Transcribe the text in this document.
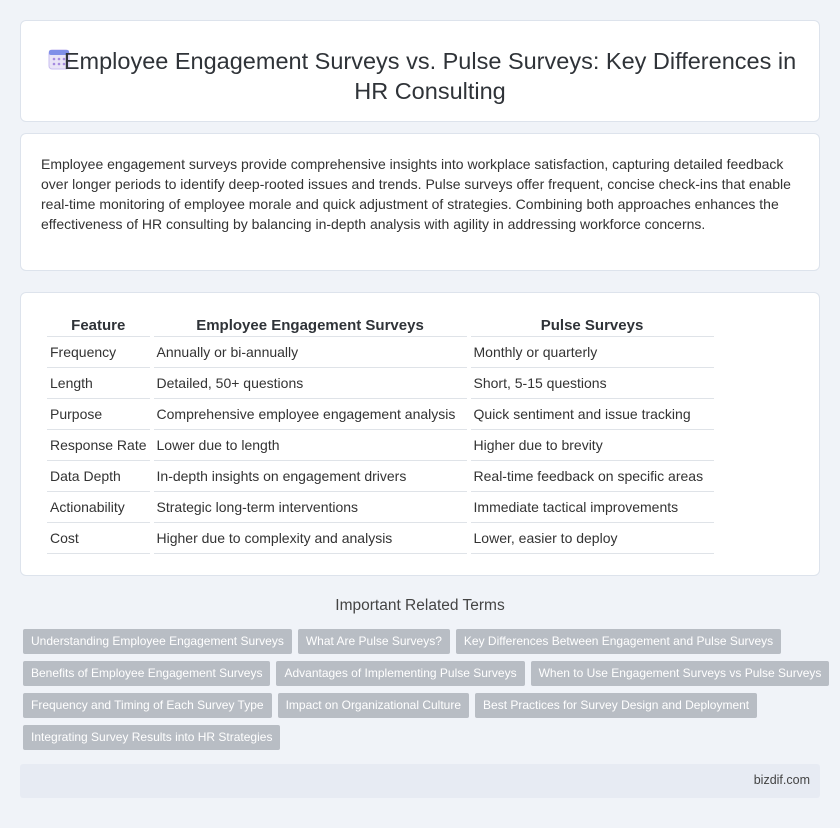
Employee Engagement Surveys vs. Pulse Surveys: Key Differences in HR Consulting

Employee engagement surveys provide comprehensive insights into workplace satisfaction, capturing detailed feedback over longer periods to identify deep-rooted issues and trends. Pulse surveys offer frequent, concise check-ins that enable real-time monitoring of employee morale and quick adjustment of strategies. Combining both approaches enhances the effectiveness of HR consulting by balancing in-depth analysis with agility in addressing workforce concerns.

Feature	Employee Engagement Surveys	Pulse Surveys
Frequency	Annually or bi-annually	Monthly or quarterly
Length	Detailed, 50+ questions	Short, 5-15 questions
Purpose	Comprehensive employee engagement analysis	Quick sentiment and issue tracking
Response Rate	Lower due to length	Higher due to brevity
Data Depth	In-depth insights on engagement drivers	Real-time feedback on specific areas
Actionability	Strategic long-term interventions	Immediate tactical improvements
Cost	Higher due to complexity and analysis	Lower, easier to deploy
Important Related Terms
Understanding Employee Engagement Surveys What Are Pulse Surveys? Key Differences Between Engagement and Pulse Surveys
Benefits of Employee Engagement Surveys Advantages of Implementing Pulse Surveys When to Use Engagement Surveys vs Pulse Surveys
Frequency and Timing of Each Survey Type Impact on Organizational Culture Best Practices for Survey Design and Deployment
Integrating Survey Results into HR Strategies
bizdif.com
